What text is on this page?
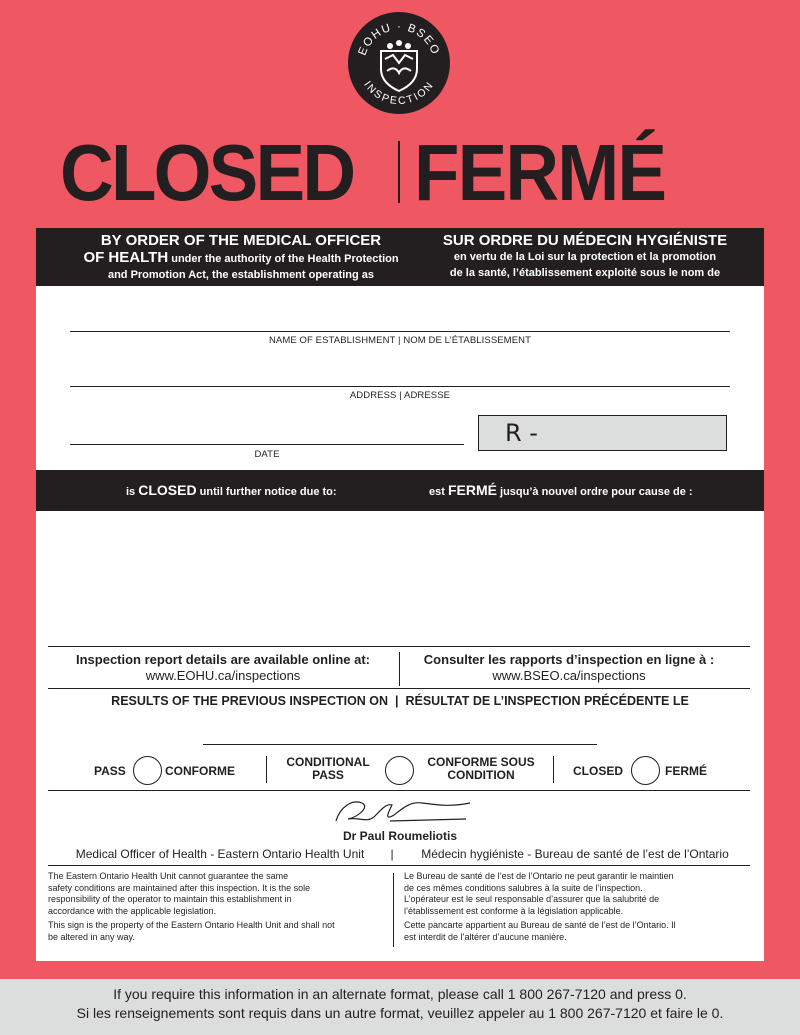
EOHU · BSEO
INSPECTION
CLOSED FERMÉ
BY ORDER OF THE MEDICAL OFFICER
OF HEALTH under the authority of the Health Protection
and Promotion Act, the establishment operating as
SUR ORDRE DU MÉDECIN HYGIÉNISTE
en vertu de la Loi sur la protection et la promotion
de la santé, l’établissement exploité sous le nom de
NAME OF ESTABLISHMENT | NOM DE L’ÉTABLISSEMENT
ADDRESS | ADRESSE
DATE
R -
is CLOSED until further notice due to:	est FERMÉ jusqu’à nouvel ordre pour cause de :
Inspection report details are available online at:
www.EOHU.ca/inspections
Consulter les rapports d’inspection en ligne à :
www.BSEO.ca/inspections
RESULTS OF THE PREVIOUS INSPECTION ON | RÉSULTAT DE L’INSPECTION PRÉCÉDENTE LE
PASS	CONFORME
CONDITIONAL
PASS
CONFORME SOUS
CONDITION	CLOSED	FERMÉ
Dr Paul Roumeliotis
Medical Officer of Health - Eastern Ontario Health Unit	|	Médecin hygiéniste - Bureau de santé de l’est de l’Ontario
The Eastern Ontario Health Unit cannot guarantee the same
safety conditions are maintained after this inspection. It is the sole
responsibility of the operator to maintain this establishment in
accordance with the applicable legislation.
This sign is the property of the Eastern Ontario Health Unit and shall not
be altered in any way.
Le Bureau de santé de l’est de l’Ontario ne peut garantir le maintien
de ces mêmes conditions salubres à la suite de l’inspection.
L’opérateur est le seul responsable d’assurer que la salubrité de
l’établissement est conforme à la législation applicable.
Cette pancarte appartient au Bureau de santé de l’est de l’Ontario. Il
est interdit de l’altérer d’aucune manière.
If you require this information in an alternate format, please call 1 800 267-7120 and press 0.
Si les renseignements sont requis dans un autre format, veuillez appeler au 1 800 267-7120 et faire le 0.
